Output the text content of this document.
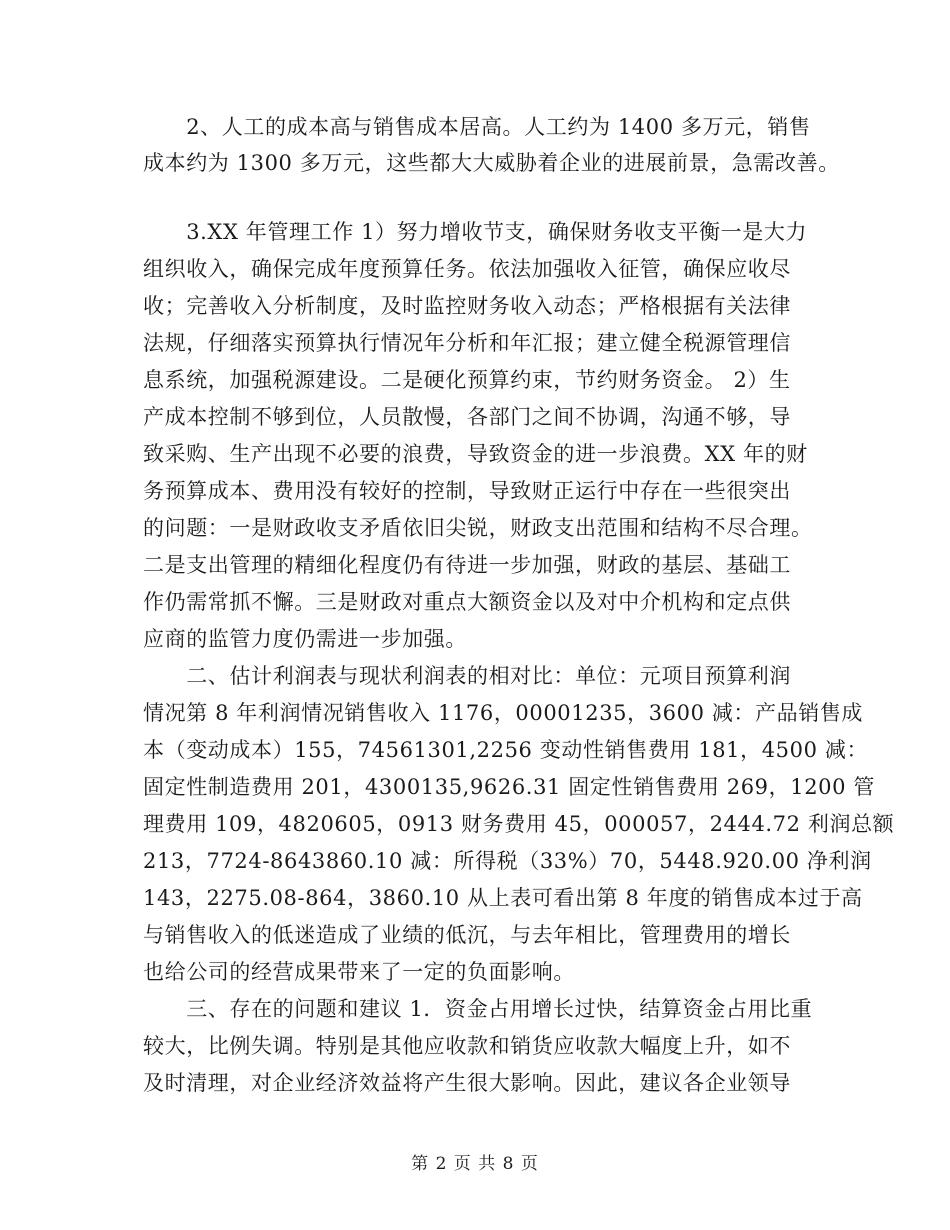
　　2、人工的成本高与销售成本居高。人工约为 1400 多万元，销售
成本约为 1300 多万元，这些都大大威胁着企业的进展前景，急需改善。
　　3.XX 年管理工作 1）努力增收节支，确保财务收支平衡一是大力
组织收入，确保完成年度预算任务。依法加强收入征管，确保应收尽
收；完善收入分析制度，及时监控财务收入动态；严格根据有关法律
法规，仔细落实预算执行情况年分析和年汇报；建立健全税源管理信
息系统，加强税源建设。二是硬化预算约束，节约财务资金。 2）生
产成本控制不够到位，人员散慢，各部门之间不协调，沟通不够，导
致采购、生产出现不必要的浪费，导致资金的进一步浪费。XX 年的财
务预算成本、费用没有较好的控制，导致财正运行中存在一些很突出
的问题：一是财政收支矛盾依旧尖锐，财政支出范围和结构不尽合理。
二是支出管理的精细化程度仍有待进一步加强，财政的基层、基础工
作仍需常抓不懈。三是财政对重点大额资金以及对中介机构和定点供
应商的监管力度仍需进一步加强。
　　二、估计利润表与现状利润表的相对比：单位：元项目预算利润
情况第 8 年利润情况销售收入 1176，00001235，3600 减：产品销售成
本（变动成本）155，74561301,2256 变动性销售费用 181，4500 减：
固定性制造费用 201，4300135,9626.31 固定性销售费用 269，1200 管
理费用 109，4820605，0913 财务费用 45，000057，2444.72 利润总额
213，7724-8643860.10 减：所得税（33%）70，5448.920.00 净利润
143，2275.08-864，3860.10 从上表可看出第 8 年度的销售成本过于高
与销售收入的低迷造成了业绩的低沉，与去年相比，管理费用的增长
也给公司的经营成果带来了一定的负面影响。
　　三、存在的问题和建议 1．资金占用增长过快，结算资金占用比重
较大，比例失调。特别是其他应收款和销货应收款大幅度上升，如不
及时清理，对企业经济效益将产生很大影响。因此，建议各企业领导
第 2 页 共 8 页
